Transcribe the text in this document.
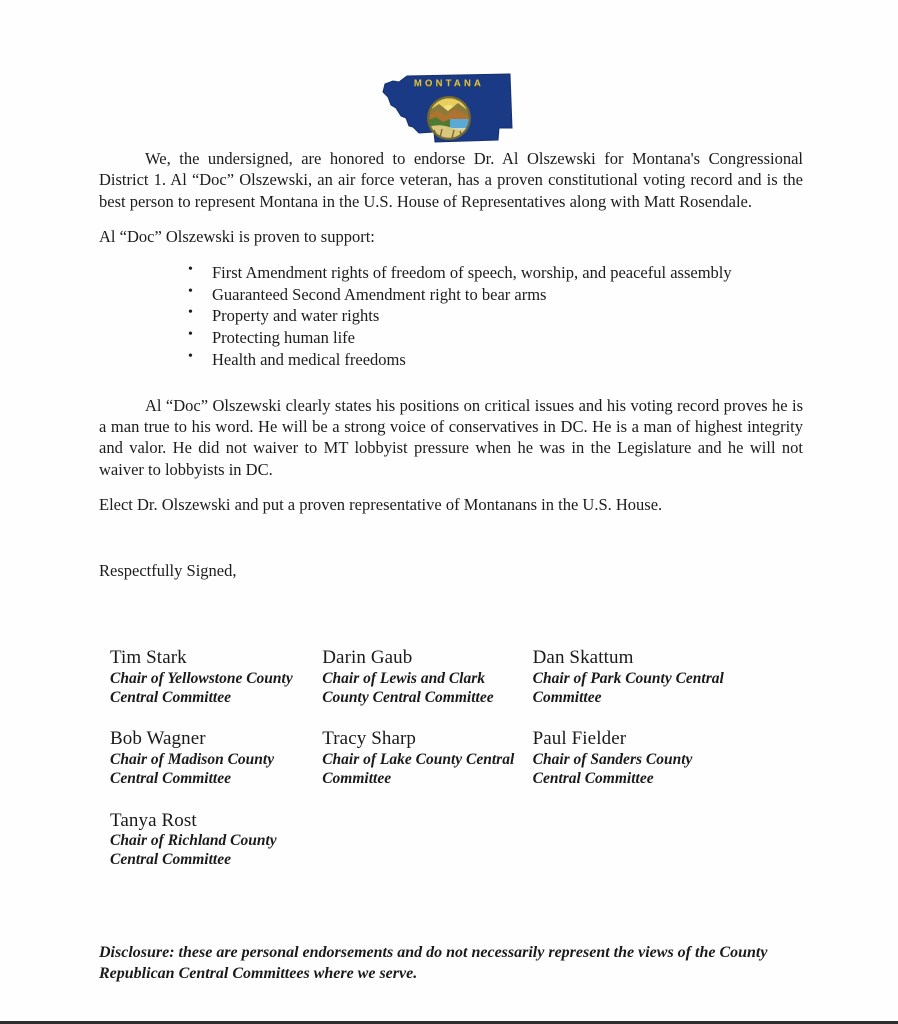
MONTANA

We, the undersigned, are honored to endorse Dr. Al Olszewski for Montana's Congressional District 1. Al “Doc” Olszewski, an air force veteran, has a proven constitutional voting record and is the best person to represent Montana in the U.S. House of Representatives along with Matt Rosendale.

Al “Doc” Olszewski is proven to support:

• First Amendment rights of freedom of speech, worship, and peaceful assembly
• Guaranteed Second Amendment right to bear arms
• Property and water rights
• Protecting human life
• Health and medical freedoms

Al “Doc” Olszewski clearly states his positions on critical issues and his voting record proves he is a man true to his word. He will be a strong voice of conservatives in DC. He is a man of highest integrity and valor. He did not waiver to MT lobbyist pressure when he was in the Legislature and he will not waiver to lobbyists in DC.

Elect Dr. Olszewski and put a proven representative of Montanans in the U.S. House.

Respectfully Signed,

Tim Stark
Chair of Yellowstone County Central Committee
Darin Gaub
Chair of Lewis and Clark County Central Committee
Dan Skattum
Chair of Park County Central Committee
Bob Wagner
Chair of Madison County Central Committee
Tracy Sharp
Chair of Lake County Central Committee
Paul Fielder
Chair of Sanders County Central Committee
Tanya Rost
Chair of Richland County Central Committee

Disclosure: these are personal endorsements and do not necessarily represent the views of the County Republican Central Committees where we serve.
